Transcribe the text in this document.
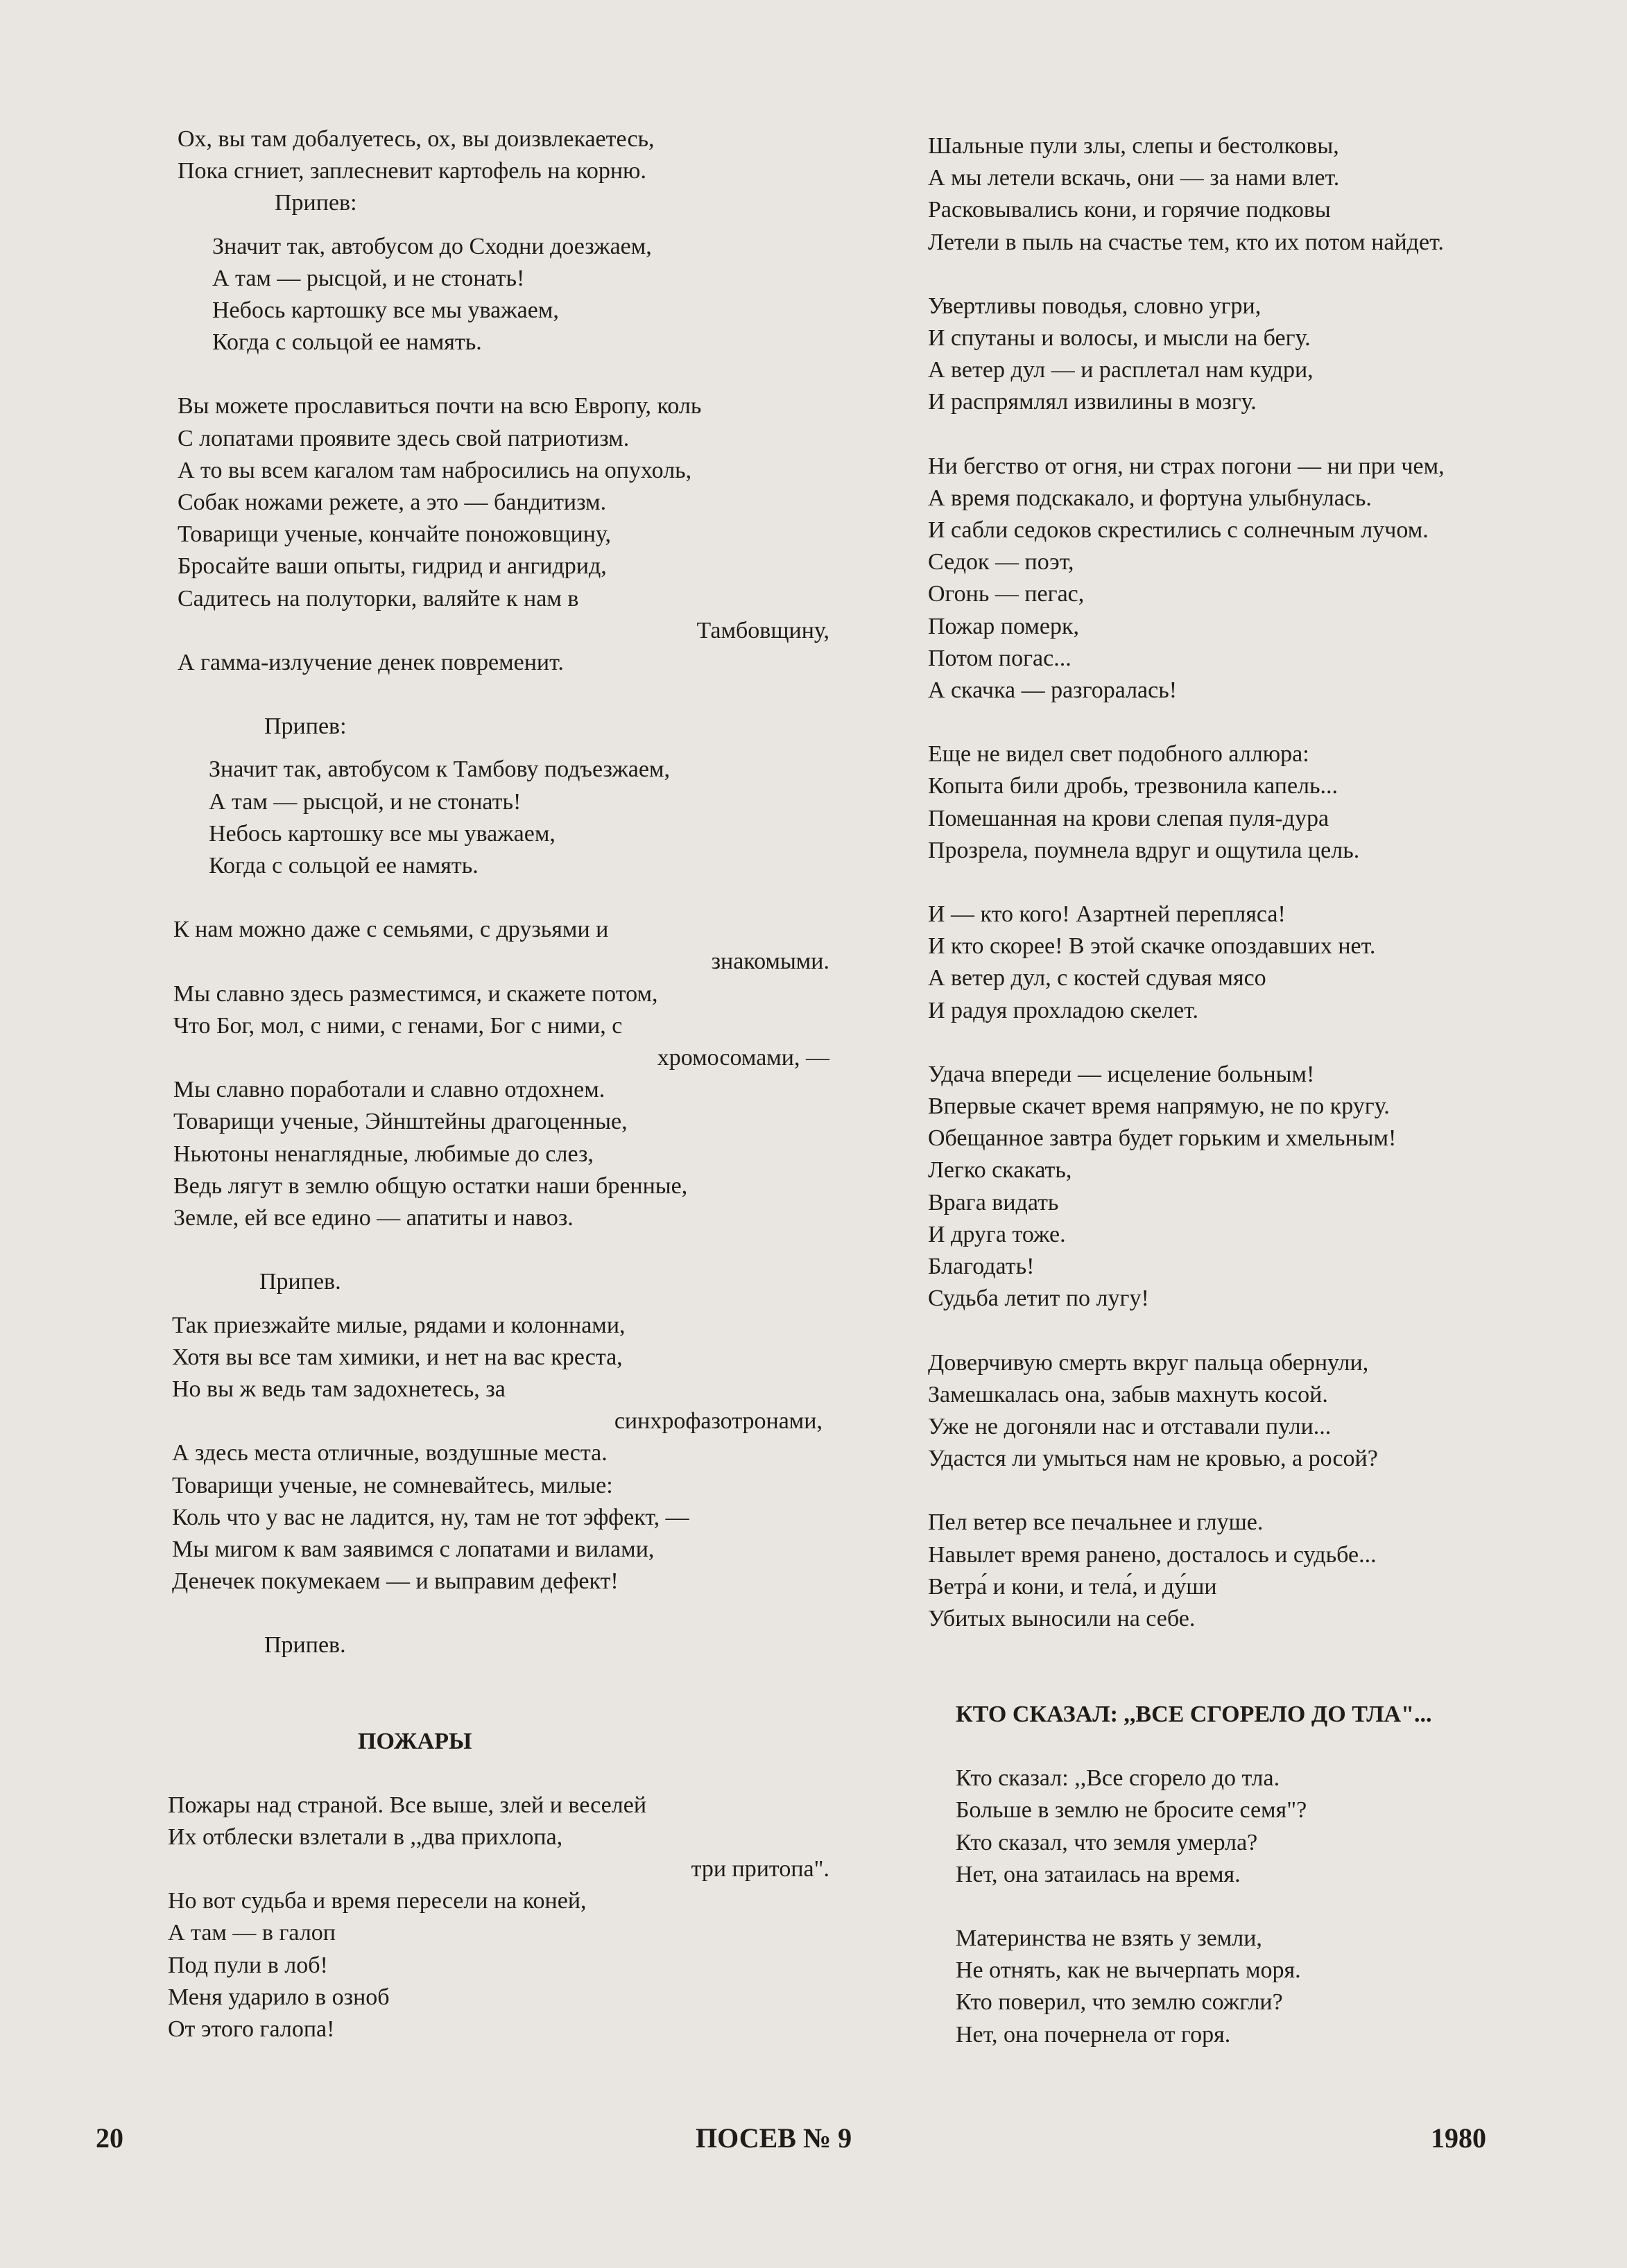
Ох, вы там добалуетесь, ох, вы доизвлекаетесь,
Пока сгниет, заплесневит картофель на корню.
Припев:
Значит так, автобусом до Сходни доезжаем,
А там — рысцой, и не стонать!
Небось картошку все мы уважаем,
Когда с сольцой ее намять.
Вы можете прославиться почти на всю Европу, коль
С лопатами проявите здесь свой патриотизм.
А то вы всем кагалом там набросились на опухоль,
Собак ножами режете, а это — бандитизм.
Товарищи ученые, кончайте поножовщину,
Бросайте ваши опыты, гидрид и ангидрид,
Садитесь на полуторки, валяйте к нам в
Тамбовщину,
А гамма-излучение денек повременит.
Припев:
Значит так, автобусом к Тамбову подъезжаем,
А там — рысцой, и не стонать!
Небось картошку все мы уважаем,
Когда с сольцой ее намять.
К нам можно даже с семьями, с друзьями и
знакомыми.
Мы славно здесь разместимся, и скажете потом,
Что Бог, мол, с ними, с генами, Бог с ними, с
хромосомами, —
Мы славно поработали и славно отдохнем.
Товарищи ученые, Эйнштейны драгоценные,
Ньютоны ненаглядные, любимые до слез,
Ведь лягут в землю общую остатки наши бренные,
Земле, ей все едино — апатиты и навоз.
Припев.
Так приезжайте милые, рядами и колоннами,
Хотя вы все там химики, и нет на вас креста,
Но вы ж ведь там задохнетесь, за
синхрофазотронами,
А здесь места отличные, воздушные места.
Товарищи ученые, не сомневайтесь, милые:
Коль что у вас не ладится, ну, там не тот эффект, —
Мы мигом к вам заявимся с лопатами и вилами,
Денечек покумекаем — и выправим дефект!
Припев.
ПОЖАРЫ
Пожары над страной. Все выше, злей и веселей
Их отблески взлетали в ,,два прихлопа,
три притопа".
Но вот судьба и время пересели на коней,
А там — в галоп
Под пули в лоб!
Меня ударило в озноб
От этого галопа!
Шальные пули злы, слепы и бестолковы,
А мы летели вскачь, они — за нами влет.
Расковывались кони, и горячие подковы
Летели в пыль на счастье тем, кто их потом найдет.
Увертливы поводья, словно угри,
И спутаны и волосы, и мысли на бегу.
А ветер дул — и расплетал нам кудри,
И распрямлял извилины в мозгу.
Ни бегство от огня, ни страх погони — ни при чем,
А время подскакало, и фортуна улыбнулась.
И сабли седоков скрестились с солнечным лучом.
Седок — поэт,
Огонь — пегас,
Пожар померк,
Потом погас...
А скачка — разгоралась!
Еще не видел свет подобного аллюра:
Копыта били дробь, трезвонила капель...
Помешанная на крови слепая пуля-дура
Прозрела, поумнела вдруг и ощутила цель.
И — кто кого! Азартней перепляса!
И кто скорее! В этой скачке опоздавших нет.
А ветер дул, с костей сдувая мясо
И радуя прохладою скелет.
Удача впереди — исцеление больным!
Впервые скачет время напрямую, не по кругу.
Обещанное завтра будет горьким и хмельным!
Легко скакать,
Врага видать
И друга тоже.
Благодать!
Судьба летит по лугу!
Доверчивую смерть вкруг пальца обернули,
Замешкалась она, забыв махнуть косой.
Уже не догоняли нас и отставали пули...
Удастся ли умыться нам не кровью, а росой?
Пел ветер все печальнее и глуше.
Навылет время ранено, досталось и судьбе...
Ветра́ и кони, и тела́, и ду́ши
Убитых выносили на себе.
КТО СКАЗАЛ: ,,ВСЕ СГОРЕЛО ДО ТЛА"...
Кто сказал: ,,Все сгорело до тла.
Больше в землю не бросите семя"?
Кто сказал, что земля умерла?
Нет, она затаилась на время.
Материнства не взять у земли,
Не отнять, как не вычерпать моря.
Кто поверил, что землю сожгли?
Нет, она почернела от горя.
20	ПОСЕВ № 9	1980
